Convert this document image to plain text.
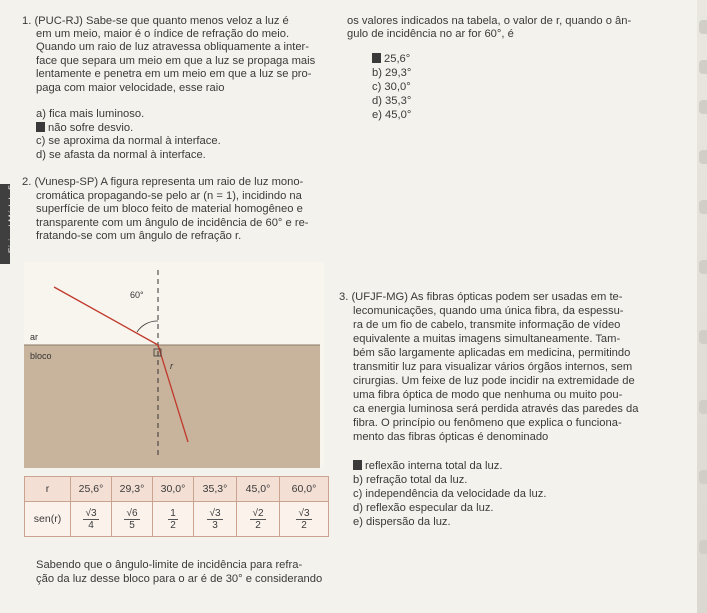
Física | Módulo 5
1. (PUC-RJ) Sabe-se que quanto menos veloz a luz é
em um meio, maior é o índice de refração do meio.
Quando um raio de luz atravessa obliquamente a inter-
face que separa um meio em que a luz se propaga mais
lentamente e penetra em um meio em que a luz se pro-
paga com maior velocidade, esse raio
a) fica mais luminoso.
não sofre desvio.
c) se aproxima da normal à interface.
d) se afasta da normal à interface.
2. (Vunesp-SP) A figura representa um raio de luz mono-
cromática propagando-se pelo ar (n = 1), incidindo na
superfície de um bloco feito de material homogêneo e
transparente com um ângulo de incidência de 60° e re-
fratando-se com um ângulo de refração r.
60°
ar
bloco
r
r	25,6°	29,3°	30,0°	35,3°	45,0°	60,0°
sen(r)	$\frac{√3}{4}$	$\frac{√6}{5}$	$\frac{1}{2}$	$\frac{√3}{3}$	$\frac{√2}{2}$	$\frac{√3}{2}$
Sabendo que o ângulo-limite de incidência para refra-
ção da luz desse bloco para o ar é de 30° e considerando
os valores indicados na tabela, o valor de r, quando o ân-
gulo de incidência no ar for 60°, é
25,6°
b) 29,3°
c) 30,0°
d) 35,3°
e) 45,0°
3. (UFJF-MG) As fibras ópticas podem ser usadas em te-
lecomunicações, quando uma única fibra, da espessu-
ra de um fio de cabelo, transmite informação de vídeo
equivalente a muitas imagens simultaneamente. Tam-
bém são largamente aplicadas em medicina, permitindo
transmitir luz para visualizar vários órgãos internos, sem
cirurgias. Um feixe de luz pode incidir na extremidade de
uma fibra óptica de modo que nenhuma ou muito pou-
ca energia luminosa será perdida através das paredes da
fibra. O princípio ou fenômeno que explica o funciona-
mento das fibras ópticas é denominado
reflexão interna total da luz.
b) refração total da luz.
c) independência da velocidade da luz.
d) reflexão especular da luz.
e) dispersão da luz.
